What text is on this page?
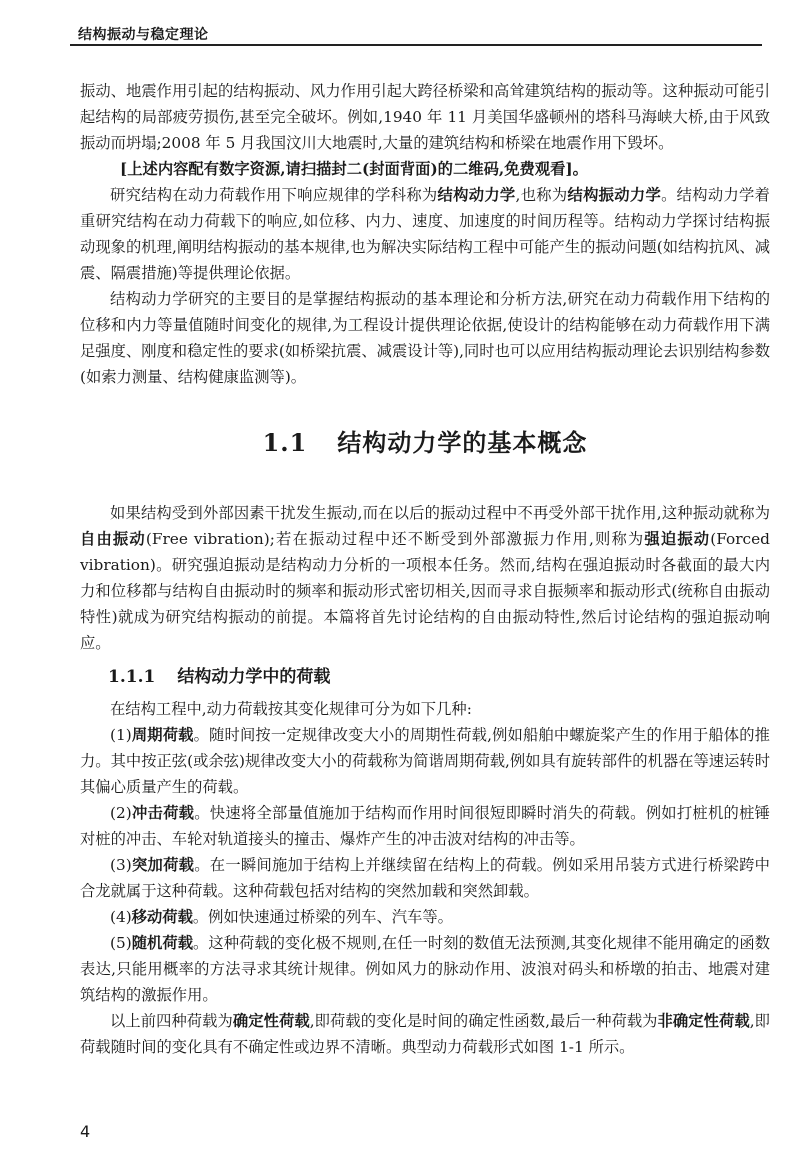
结构振动与稳定理论

振动、地震作用引起的结构振动、风力作用引起大跨径桥梁和高耸建筑结构的振动等。这种振动可能引起结构的局部疲劳损伤,甚至完全破坏。例如,1940 年 11 月美国华盛顿州的塔科马海峡大桥,由于风致振动而坍塌;2008 年 5 月我国汶川大地震时,大量的建筑结构和桥梁在地震作用下毁坏。

[上述内容配有数字资源,请扫描封二(封面背面)的二维码,免费观看]。

研究结构在动力荷载作用下响应规律的学科称为结构动力学,也称为结构振动力学。结构动力学着重研究结构在动力荷载下的响应,如位移、内力、速度、加速度的时间历程等。结构动力学探讨结构振动现象的机理,阐明结构振动的基本规律,也为解决实际结构工程中可能产生的振动问题(如结构抗风、减震、隔震措施)等提供理论依据。

结构动力学研究的主要目的是掌握结构振动的基本理论和分析方法,研究在动力荷载作用下结构的位移和内力等量值随时间变化的规律,为工程设计提供理论依据,使设计的结构能够在动力荷载作用下满足强度、刚度和稳定性的要求(如桥梁抗震、减震设计等),同时也可以应用结构振动理论去识别结构参数(如索力测量、结构健康监测等)。

1.1 结构动力学的基本概念

如果结构受到外部因素干扰发生振动,而在以后的振动过程中不再受外部干扰作用,这种振动就称为自由振动(Free vibration);若在振动过程中还不断受到外部激振力作用,则称为强迫振动(Forced vibration)。研究强迫振动是结构动力分析的一项根本任务。然而,结构在强迫振动时各截面的最大内力和位移都与结构自由振动时的频率和振动形式密切相关,因而寻求自振频率和振动形式(统称自由振动特性)就成为研究结构振动的前提。本篇将首先讨论结构的自由振动特性,然后讨论结构的强迫振动响应。

1.1.1 结构动力学中的荷载

在结构工程中,动力荷载按其变化规律可分为如下几种:

(1)周期荷载。随时间按一定规律改变大小的周期性荷载,例如船舶中螺旋桨产生的作用于船体的推力。其中按正弦(或余弦)规律改变大小的荷载称为简谐周期荷载,例如具有旋转部件的机器在等速运转时其偏心质量产生的荷载。

(2)冲击荷载。快速将全部量值施加于结构而作用时间很短即瞬时消失的荷载。例如打桩机的桩锤对桩的冲击、车轮对轨道接头的撞击、爆炸产生的冲击波对结构的冲击等。

(3)突加荷载。在一瞬间施加于结构上并继续留在结构上的荷载。例如采用吊装方式进行桥梁跨中合龙就属于这种荷载。这种荷载包括对结构的突然加载和突然卸载。

(4)移动荷载。例如快速通过桥梁的列车、汽车等。

(5)随机荷载。这种荷载的变化极不规则,在任一时刻的数值无法预测,其变化规律不能用确定的函数表达,只能用概率的方法寻求其统计规律。例如风力的脉动作用、波浪对码头和桥墩的拍击、地震对建筑结构的激振作用。

以上前四种荷载为确定性荷载,即荷载的变化是时间的确定性函数,最后一种荷载为非确定性荷载,即荷载随时间的变化具有不确定性或边界不清晰。典型动力荷载形式如图 1-1 所示。

4
